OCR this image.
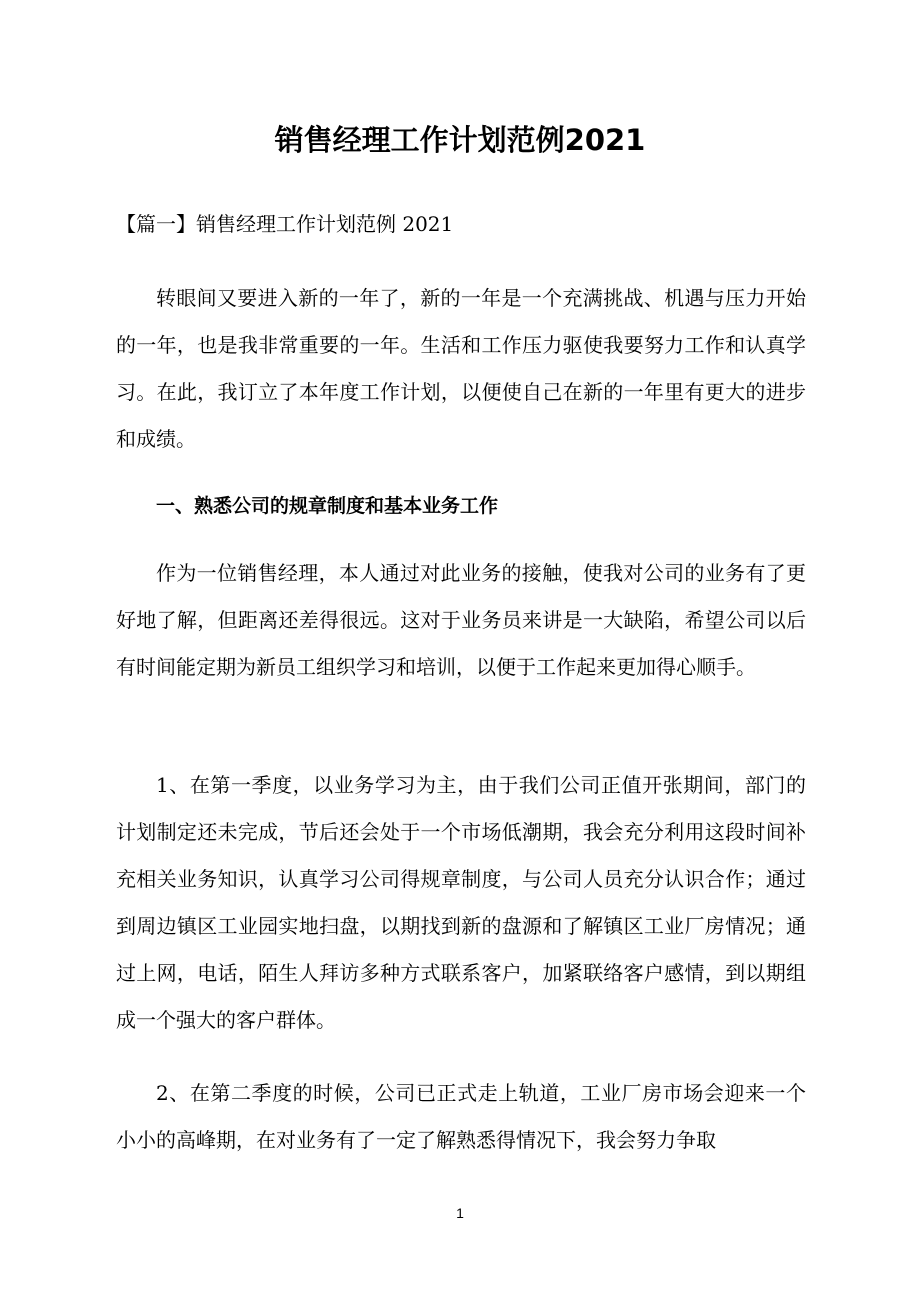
销售经理工作计划范例2021

【篇一】销售经理工作计划范例 2021

转眼间又要进入新的一年了，新的一年是一个充满挑战、机遇与压力开始的一年，也是我非常重要的一年。生活和工作压力驱使我要努力工作和认真学习。在此，我订立了本年度工作计划，以便使自己在新的一年里有更大的进步和成绩。

一、熟悉公司的规章制度和基本业务工作

作为一位销售经理，本人通过对此业务的接触，使我对公司的业务有了更好地了解，但距离还差得很远。这对于业务员来讲是一大缺陷，希望公司以后有时间能定期为新员工组织学习和培训，以便于工作起来更加得心顺手。

1、在第一季度，以业务学习为主，由于我们公司正值开张期间，部门的计划制定还未完成，节后还会处于一个市场低潮期，我会充分利用这段时间补充相关业务知识，认真学习公司得规章制度，与公司人员充分认识合作；通过到周边镇区工业园实地扫盘，以期找到新的盘源和了解镇区工业厂房情况；通过上网，电话，陌生人拜访多种方式联系客户，加紧联络客户感情，到以期组成一个强大的客户群体。

2、在第二季度的时候，公司已正式走上轨道，工业厂房市场会迎来一个小小的高峰期，在对业务有了一定了解熟悉得情况下，我会努力争取

1
